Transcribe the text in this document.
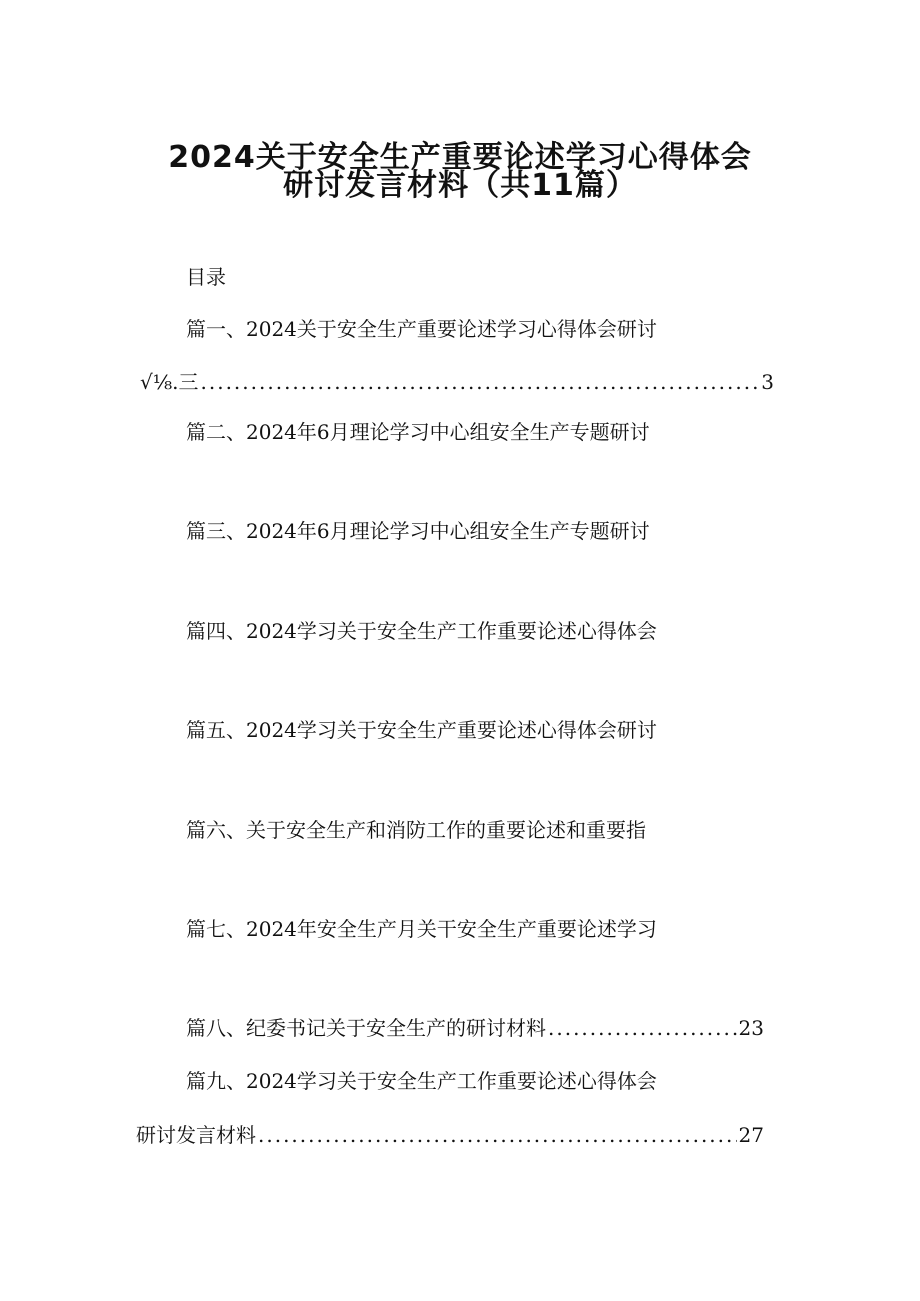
2024关于安全生产重要论述学习心得体会
研讨发言材料（共11篇）
目录
篇一、2024关于安全生产重要论述学习心得体会研讨
√⅛.三 .....	3
篇二、2024年6月理论学习中心组安全生产专题研讨
篇三、2024年6月理论学习中心组安全生产专题研讨
篇四、2024学习关于安全生产工作重要论述心得体会
篇五、2024学习关于安全生产重要论述心得体会研讨
篇六、关于安全生产和消防工作的重要论述和重要指
篇七、2024年安全生产月关干安全生产重要论述学习
篇八、纪委书记关于安全生产的研讨材料 .....	23
篇九、2024学习关于安全生产工作重要论述心得体会
研讨发言材料 .....	27
